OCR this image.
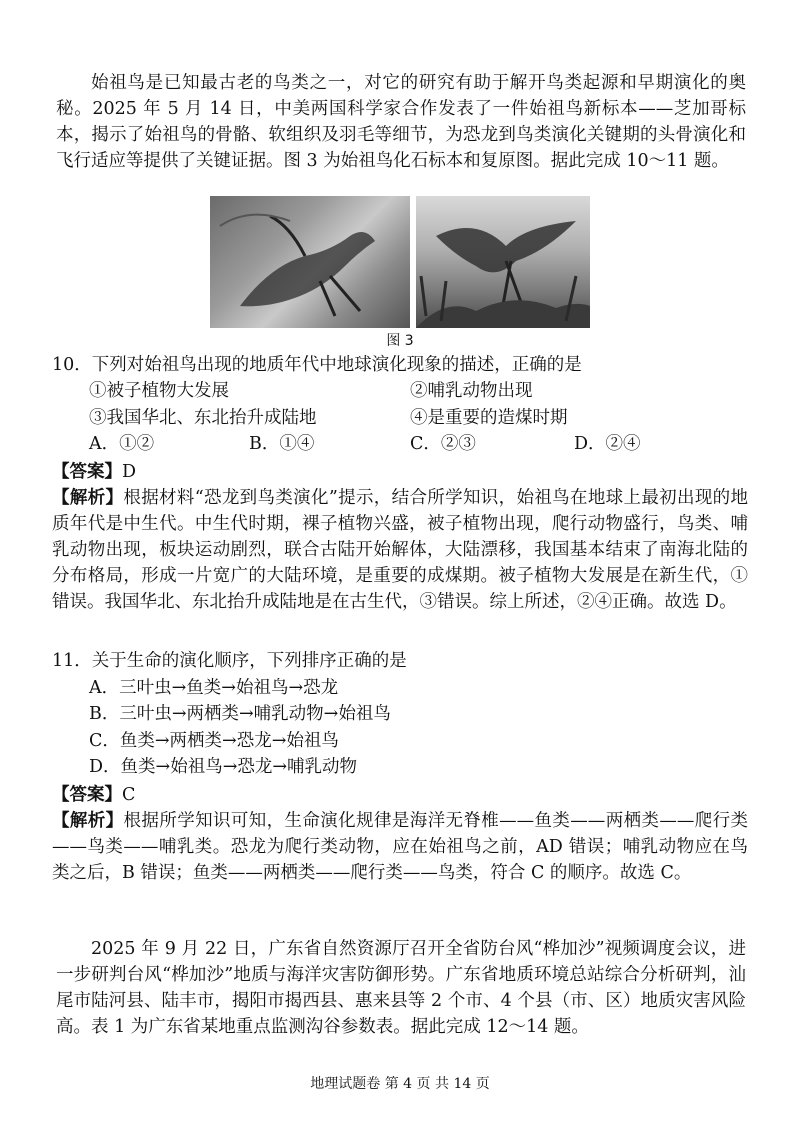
始祖鸟是已知最古老的鸟类之一，对它的研究有助于解开鸟类起源和早期演化的奥秘。2025 年 5 月 14 日，中美两国科学家合作发表了一件始祖鸟新标本——芝加哥标本，揭示了始祖鸟的骨骼、软组织及羽毛等细节，为恐龙到鸟类演化关键期的头骨演化和飞行适应等提供了关键证据。图 3 为始祖鸟化石标本和复原图。据此完成 10～11 题。
图 3
10．下列对始祖鸟出现的地质年代中地球演化现象的描述，正确的是
①被子植物大发展	②哺乳动物出现
③我国华北、东北抬升成陆地	④是重要的造煤时期
A．①②	B．①④	C．②③	D．②④
【答案】D
【解析】根据材料“恐龙到鸟类演化”提示，结合所学知识，始祖鸟在地球上最初出现的地质年代是中生代。中生代时期，裸子植物兴盛，被子植物出现，爬行动物盛行，鸟类、哺乳动物出现，板块运动剧烈，联合古陆开始解体，大陆漂移，我国基本结束了南海北陆的分布格局，形成一片宽广的大陆环境，是重要的成煤期。被子植物大发展是在新生代，①错误。我国华北、东北抬升成陆地是在古生代，③错误。综上所述，②④正确。故选 D。
11．关于生命的演化顺序，下列排序正确的是
A．三叶虫→鱼类→始祖鸟→恐龙
B．三叶虫→两栖类→哺乳动物→始祖鸟
C．鱼类→两栖类→恐龙→始祖鸟
D．鱼类→始祖鸟→恐龙→哺乳动物
【答案】C
【解析】根据所学知识可知，生命演化规律是海洋无脊椎——鱼类——两栖类——爬行类——鸟类——哺乳类。恐龙为爬行类动物，应在始祖鸟之前，AD 错误；哺乳动物应在鸟类之后，B 错误；鱼类——两栖类——爬行类——鸟类，符合 C 的顺序。故选 C。
2025 年 9 月 22 日，广东省自然资源厅召开全省防台风“桦加沙”视频调度会议，进一步研判台风“桦加沙”地质与海洋灾害防御形势。广东省地质环境总站综合分析研判，汕尾市陆河县、陆丰市，揭阳市揭西县、惠来县等 2 个市、4 个县（市、区）地质灾害风险高。表 1 为广东省某地重点监测沟谷参数表。据此完成 12～14 题。
地理试题卷 第 4 页 共 14 页
